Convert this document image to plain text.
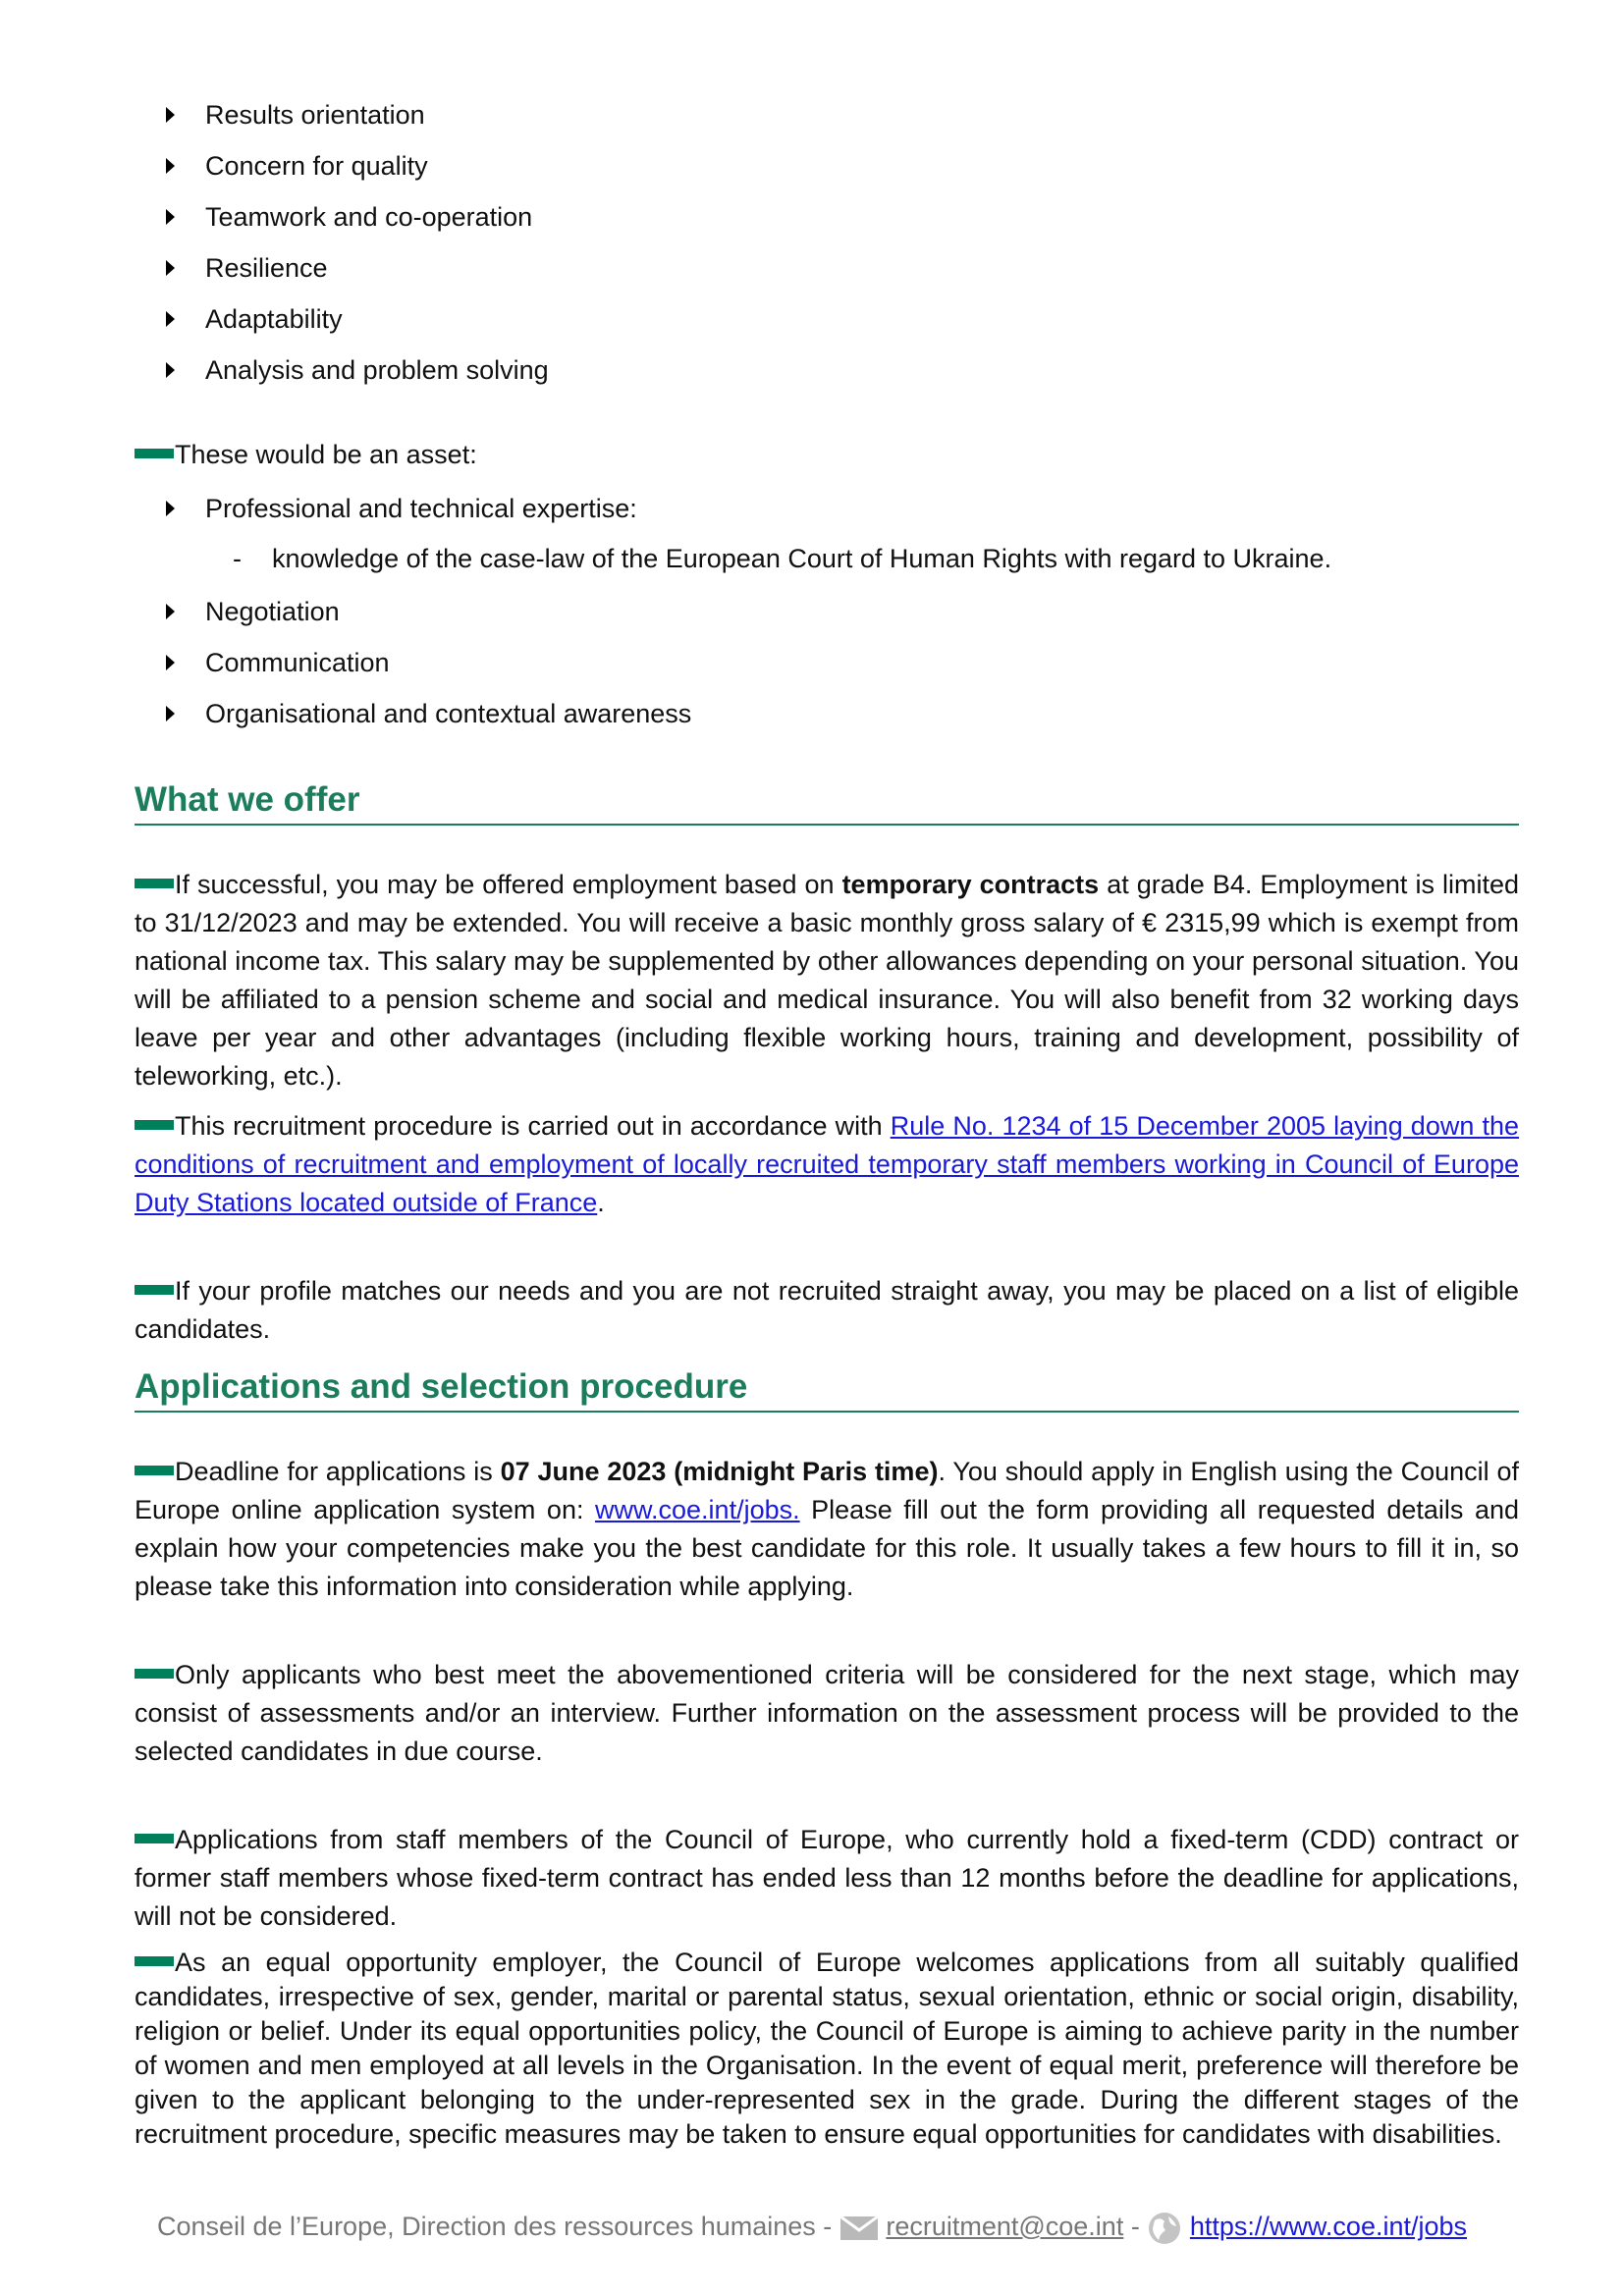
Results orientation
Concern for quality
Teamwork and co-operation
Resilience
Adaptability
Analysis and problem solving
These would be an asset:
Professional and technical expertise:
- knowledge of the case-law of the European Court of Human Rights with regard to Ukraine.
Negotiation
Communication
Organisational and contextual awareness
What we offer

If successful, you may be offered employment based on temporary contracts at grade B4. Employment is limited to 31/12/2023 and may be extended. You will receive a basic monthly gross salary of € 2315,99 which is exempt from national income tax. This salary may be supplemented by other allowances depending on your personal situation. You will be affiliated to a pension scheme and social and medical insurance. You will also benefit from 32 working days leave per year and other advantages (including flexible working hours, training and development, possibility of teleworking, etc.).

This recruitment procedure is carried out in accordance with Rule No. 1234 of 15 December 2005 laying down the conditions of recruitment and employment of locally recruited temporary staff members working in Council of Europe Duty Stations located outside of France.

If your profile matches our needs and you are not recruited straight away, you may be placed on a list of eligible candidates.

Applications and selection procedure

Deadline for applications is 07 June 2023 (midnight Paris time). You should apply in English using the Council of Europe online application system on: www.coe.int/jobs. Please fill out the form providing all requested details and explain how your competencies make you the best candidate for this role. It usually takes a few hours to fill it in, so please take this information into consideration while applying.

Only applicants who best meet the abovementioned criteria will be considered for the next stage, which may consist of assessments and/or an interview. Further information on the assessment process will be provided to the selected candidates in due course.

Applications from staff members of the Council of Europe, who currently hold a fixed-term (CDD) contract or former staff members whose fixed-term contract has ended less than 12 months before the deadline for applications, will not be considered.

As an equal opportunity employer, the Council of Europe welcomes applications from all suitably qualified candidates, irrespective of sex, gender, marital or parental status, sexual orientation, ethnic or social origin, disability, religion or belief. Under its equal opportunities policy, the Council of Europe is aiming to achieve parity in the number of women and men employed at all levels in the Organisation. In the event of equal merit, preference will therefore be given to the applicant belonging to the under-represented sex in the grade. During the different stages of the recruitment procedure, specific measures may be taken to ensure equal opportunities for candidates with disabilities.

Conseil de l’Europe, Direction des ressources humaines - recruitment@coe.int - https://www.coe.int/jobs
